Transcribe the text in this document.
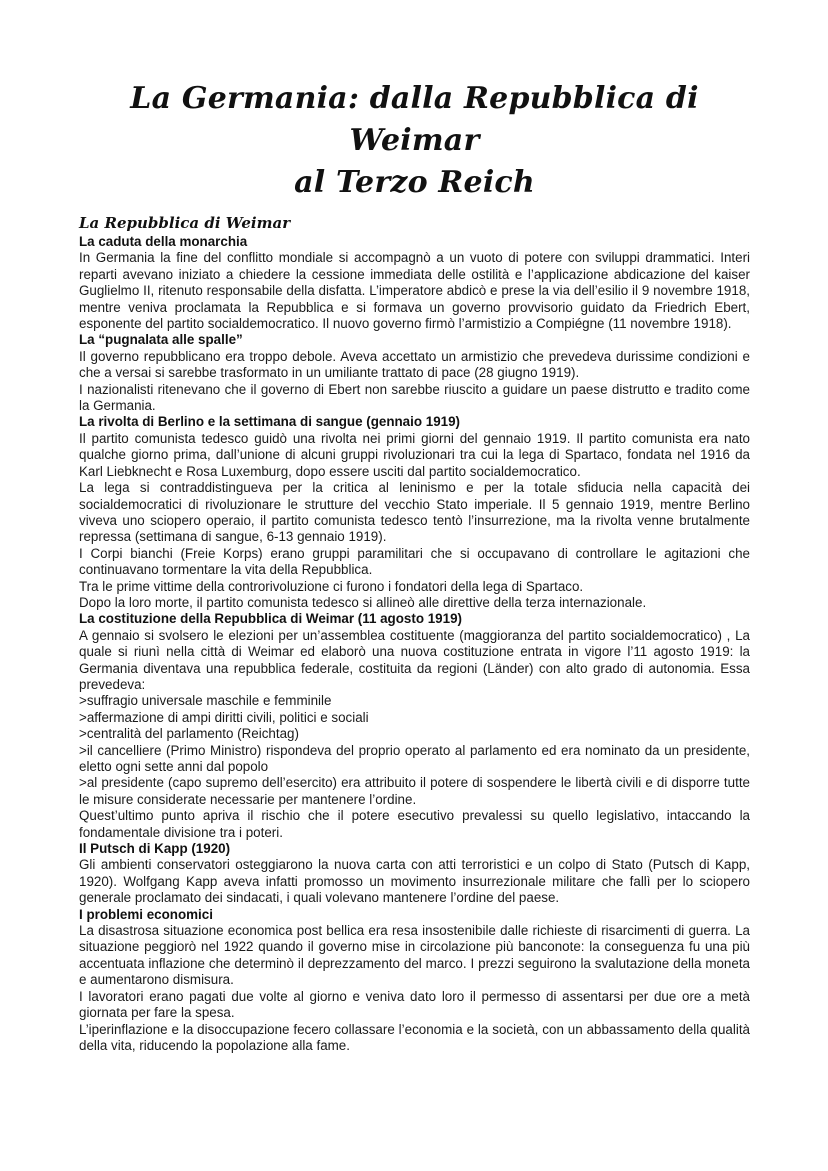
La Germania: dalla Repubblica di Weimar
al Terzo Reich
La Repubblica di Weimar
La caduta della monarchia

In Germania la fine del conflitto mondiale si accompagnò a un vuoto di potere con sviluppi drammatici. Interi reparti avevano iniziato a chiedere la cessione immediata delle ostilità e l’applicazione abdicazione del kaiser Guglielmo II, ritenuto responsabile della disfatta. L’imperatore abdicò e prese la via dell’esilio il 9 novembre 1918, mentre veniva proclamata la Repubblica e si formava un governo provvisorio guidato da Friedrich Ebert, esponente del partito socialdemocratico. Il nuovo governo firmò l’armistizio a Compiégne (11 novembre 1918).

La “pugnalata alle spalle”

Il governo repubblicano era troppo debole. Aveva accettato un armistizio che prevedeva durissime condizioni e che a versai si sarebbe trasformato in un umiliante trattato di pace (28 giugno 1919).

I nazionalisti ritenevano che il governo di Ebert non sarebbe riuscito a guidare un paese distrutto e tradito come la Germania.

La rivolta di Berlino e la settimana di sangue (gennaio 1919)

Il partito comunista tedesco guidò una rivolta nei primi giorni del gennaio 1919. Il partito comunista era nato qualche giorno prima, dall’unione di alcuni gruppi rivoluzionari tra cui la lega di Spartaco, fondata nel 1916 da Karl Liebknecht e Rosa Luxemburg, dopo essere usciti dal partito socialdemocratico.

La lega si contraddistingueva per la critica al leninismo e per la totale sfiducia nella capacità dei socialdemocratici di rivoluzionare le strutture del vecchio Stato imperiale. Il 5 gennaio 1919, mentre Berlino viveva uno sciopero operaio, il partito comunista tedesco tentò l’insurrezione, ma la rivolta venne brutalmente repressa (settimana di sangue, 6-13 gennaio 1919).

I Corpi bianchi (Freie Korps) erano gruppi paramilitari che si occupavano di controllare le agitazioni che continuavano tormentare la vita della Repubblica.

Tra le prime vittime della controrivoluzione ci furono i fondatori della lega di Spartaco.

Dopo la loro morte, il partito comunista tedesco si allineò alle direttive della terza internazionale.

La costituzione della Repubblica di Weimar (11 agosto 1919)

A gennaio si svolsero le elezioni per un’assemblea costituente (maggioranza del partito socialdemocratico) , La quale si riunì nella città di Weimar ed elaborò una nuova costituzione entrata in vigore l’11 agosto 1919: la Germania diventava una repubblica federale, costituita da regioni (Länder) con alto grado di autonomia. Essa prevedeva:

>suffragio universale maschile e femminile

>affermazione di ampi diritti civili, politici e sociali

>centralità del parlamento (Reichtag)

>il cancelliere (Primo Ministro) rispondeva del proprio operato al parlamento ed era nominato da un presidente, eletto ogni sette anni dal popolo

>al presidente (capo supremo dell’esercito) era attribuito il potere di sospendere le libertà civili e di disporre tutte le misure considerate necessarie per mantenere l’ordine.

Quest’ultimo punto apriva il rischio che il potere esecutivo prevalessi su quello legislativo, intaccando la fondamentale divisione tra i poteri.

Il Putsch di Kapp (1920)

Gli ambienti conservatori osteggiarono la nuova carta con atti terroristici e un colpo di Stato (Putsch di Kapp, 1920). Wolfgang Kapp aveva infatti promosso un movimento insurrezionale militare che fallì per lo sciopero generale proclamato dei sindacati, i quali volevano mantenere l’ordine del paese.

I problemi economici

La disastrosa situazione economica post bellica era resa insostenibile dalle richieste di risarcimenti di guerra. La situazione peggiorò nel 1922 quando il governo mise in circolazione più banconote: la conseguenza fu una più accentuata inflazione che determinò il deprezzamento del marco. I prezzi seguirono la svalutazione della moneta e aumentarono dismisura.

I lavoratori erano pagati due volte al giorno e veniva dato loro il permesso di assentarsi per due ore a metà giornata per fare la spesa.

L’iperinflazione e la disoccupazione fecero collassare l’economia e la società, con un abbassamento della qualità della vita, riducendo la popolazione alla fame.
